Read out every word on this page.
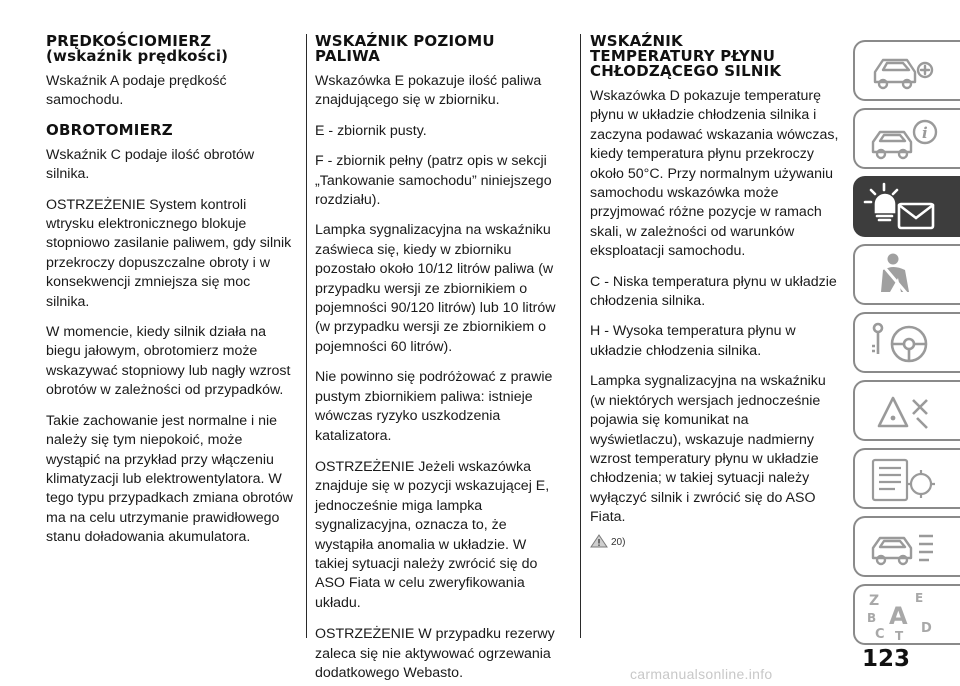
PRĘDKOŚCIOMIERZ
(wskaźnik prędkości)

Wskaźnik A podaje prędkość samochodu.

OBROTOMIERZ

Wskaźnik C podaje ilość obrotów silnika.

OSTRZEŻENIE System kontroli wtrysku elektronicznego blokuje stopniowo zasilanie paliwem, gdy silnik przekroczy dopuszczalne obroty i w konsekwencji zmniejsza się moc silnika.

W momencie, kiedy silnik działa na biegu jałowym, obrotomierz może wskazywać stopniowy lub nagły wzrost obrotów w zależności od przypadków.

Takie zachowanie jest normalne i nie należy się tym niepokoić, może wystąpić na przykład przy włączeniu klimatyzacji lub elektrowentylatora. W tego typu przypadkach zmiana obrotów ma na celu utrzymanie prawidłowego stanu doładowania akumulatora.

WSKAŹNIK POZIOMU
PALIWA

Wskazówka E pokazuje ilość paliwa znajdującego się w zbiorniku.

E - zbiornik pusty.

F - zbiornik pełny (patrz opis w sekcji „Tankowanie samochodu” niniejszego rozdziału).

Lampka sygnalizacyjna na wskaźniku zaświeca się, kiedy w zbiorniku pozostało około 10/12 litrów paliwa (w przypadku wersji ze zbiornikiem o pojemności 90/120 litrów) lub 10 litrów (w przypadku wersji ze zbiornikiem o pojemności 60 litrów).

Nie powinno się podróżować z prawie pustym zbiornikiem paliwa: istnieje wówczas ryzyko uszkodzenia katalizatora.

OSTRZEŻENIE Jeżeli wskazówka znajduje się w pozycji wskazującej E, jednocześnie miga lampka sygnalizacyjna, oznacza to, że wystąpiła anomalia w układzie. W takiej sytuacji należy zwrócić się do ASO Fiata w celu zweryfikowania układu.

OSTRZEŻENIE W przypadku rezerwy zaleca się nie aktywować ogrzewania dodatkowego Webasto.

WSKAŹNIK
TEMPERATURY PŁYNU
CHŁODZĄCEGO SILNIK

Wskazówka D pokazuje temperaturę płynu w układzie chłodzenia silnika i zaczyna podawać wskazania wówczas, kiedy temperatura płynu przekroczy około 50°C. Przy normalnym używaniu samochodu wskazówka może przyjmować różne pozycje w ramach skali, w zależności od warunków eksploatacji samochodu.

C - Niska temperatura płynu w układzie chłodzenia silnika.

H - Wysoka temperatura płynu w układzie chłodzenia silnika.

Lampka sygnalizacyjna na wskaźniku (w niektórych wersjach jednocześnie pojawia się komunikat na wyświetlaczu), wskazuje nadmierny wzrost temperatury płynu w układzie chłodzenia; w takiej sytuacji należy wyłączyć silnik i zwrócić się do ASO Fiata.

20)
i
Z	E
A
B
C T D
123
carmanualsonline.info
